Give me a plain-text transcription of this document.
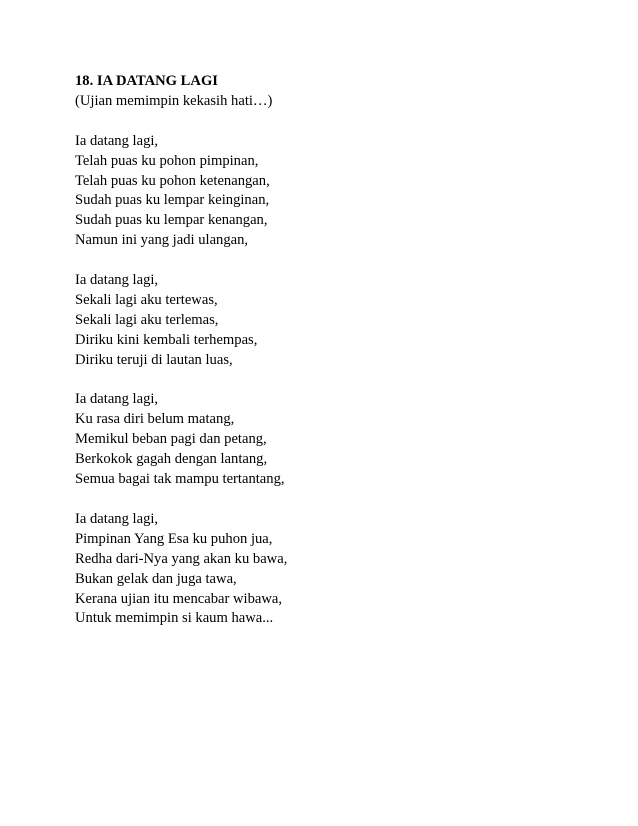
18. IA DATANG LAGI

(Ujian memimpin kekasih hati…)

Ia datang lagi,

Telah puas ku pohon pimpinan,

Telah puas ku pohon ketenangan,

Sudah puas ku lempar keinginan,

Sudah puas ku lempar kenangan,

Namun ini yang jadi ulangan,

Ia datang lagi,

Sekali lagi aku tertewas,

Sekali lagi aku terlemas,

Diriku kini kembali terhempas,

Diriku teruji di lautan luas,

Ia datang lagi,

Ku rasa diri belum matang,

Memikul beban pagi dan petang,

Berkokok gagah dengan lantang,

Semua bagai tak mampu tertantang,

Ia datang lagi,

Pimpinan Yang Esa ku puhon jua,

Redha dari-Nya yang akan ku bawa,

Bukan gelak dan juga tawa,

Kerana ujian itu mencabar wibawa,

Untuk memimpin si kaum hawa...
